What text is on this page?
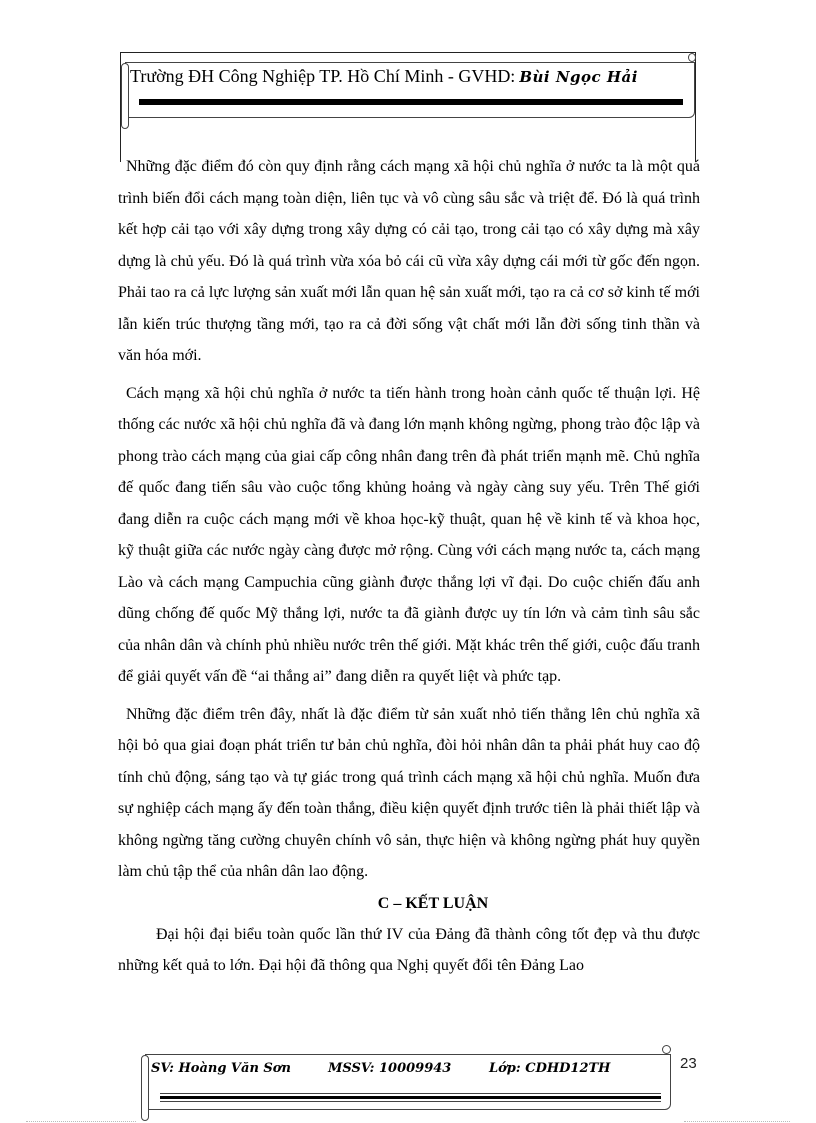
Trường ĐH Công Nghiệp TP. Hồ Chí Minh - GVHD: Bùi Ngọc Hải

Những đặc điểm đó còn quy định rằng cách mạng xã hội chủ nghĩa ở nước ta là một quá trình biến đổi cách mạng toàn diện, liên tục và vô cùng sâu sắc và triệt để. Đó là quá trình kết hợp cải tạo với xây dựng trong xây dựng có cải tạo, trong cải tạo có xây dựng mà xây dựng là chủ yếu. Đó là quá trình vừa xóa bỏ cái cũ vừa xây dựng cái mới từ gốc đến ngọn. Phải tao ra cả lực lượng sản xuất mới lẫn quan hệ sản xuất mới, tạo ra cả cơ sở kinh tế mới lẫn kiến trúc thượng tầng mới, tạo ra cả đời sống vật chất mới lẫn đời sống tinh thần và văn hóa mới.

Cách mạng xã hội chủ nghĩa ở nước ta tiến hành trong hoàn cảnh quốc tế thuận lợi. Hệ thống các nước xã hội chủ nghĩa đã và đang lớn mạnh không ngừng, phong trào độc lập và phong trào cách mạng của giai cấp công nhân đang trên đà phát triển mạnh mẽ. Chủ nghĩa đế quốc đang tiến sâu vào cuộc tổng khủng hoảng và ngày càng suy yếu. Trên Thế giới đang diễn ra cuộc cách mạng mới về khoa học-kỹ thuật, quan hệ về kinh tế và khoa học, kỹ thuật giữa các nước ngày càng được mở rộng. Cùng với cách mạng nước ta, cách mạng Lào và cách mạng Campuchia cũng giành được thắng lợi vĩ đại. Do cuộc chiến đấu anh dũng chống đế quốc Mỹ thắng lợi, nước ta đã giành được uy tín lớn và cảm tình sâu sắc của nhân dân và chính phủ nhiều nước trên thế giới. Mặt khác trên thế giới, cuộc đấu tranh để giải quyết vấn đề “ai thắng ai” đang diễn ra quyết liệt và phức tạp.

Những đặc điểm trên đây, nhất là đặc điểm từ sản xuất nhỏ tiến thẳng lên chủ nghĩa xã hội bỏ qua giai đoạn phát triển tư bản chủ nghĩa, đòi hỏi nhân dân ta phải phát huy cao độ tính chủ động, sáng tạo và tự giác trong quá trình cách mạng xã hội chủ nghĩa. Muốn đưa sự nghiệp cách mạng ấy đến toàn thắng, điều kiện quyết định trước tiên là phải thiết lập và không ngừng tăng cường chuyên chính vô sản, thực hiện và không ngừng phát huy quyền làm chủ tập thể của nhân dân lao động.

C – KẾT LUẬN

Đại hội đại biểu toàn quốc lần thứ IV của Đảng đã thành công tốt đẹp và thu được những kết quả to lớn. Đại hội đã thông qua Nghị quyết đổi tên Đảng Lao

SV: Hoàng Văn Sơn	MSSV: 10009943	Lớp: CDHD12TH	23
